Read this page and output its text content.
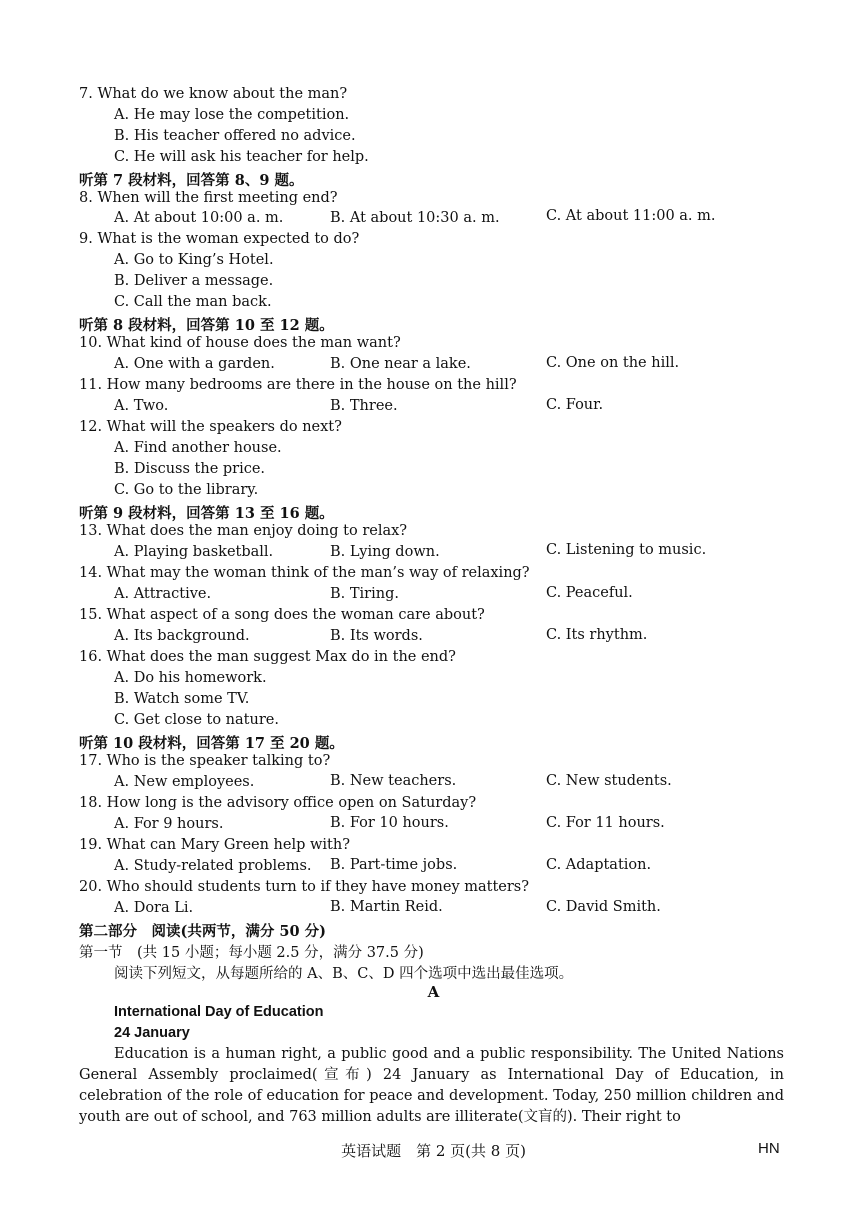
7. What do we know about the man?
A. He may lose the competition.
B. His teacher offered no advice.
C. He will ask his teacher for help.
听第 7 段材料，回答第 8、9 题。
8. When will the first meeting end?
A. At about 10:00 a. m.	B. At about 10:30 a. m.	C. At about 11:00 a. m.
9. What is the woman expected to do?
A. Go to King’s Hotel.
B. Deliver a message.
C. Call the man back.
听第 8 段材料，回答第 10 至 12 题。
10. What kind of house does the man want?
A. One with a garden.	B. One near a lake.	C. One on the hill.
11. How many bedrooms are there in the house on the hill?
A. Two.	B. Three.	C. Four.
12. What will the speakers do next?
A. Find another house.
B. Discuss the price.
C. Go to the library.
听第 9 段材料，回答第 13 至 16 题。
13. What does the man enjoy doing to relax?
A. Playing basketball.	B. Lying down.	C. Listening to music.
14. What may the woman think of the man’s way of relaxing?
A. Attractive.	B. Tiring.	C. Peaceful.
15. What aspect of a song does the woman care about?
A. Its background.	B. Its words.	C. Its rhythm.
16. What does the man suggest Max do in the end?
A. Do his homework.
B. Watch some TV.
C. Get close to nature.
听第 10 段材料，回答第 17 至 20 题。
17. Who is the speaker talking to?
A. New employees.	B. New teachers.	C. New students.
18. How long is the advisory office open on Saturday?
A. For 9 hours.	B. For 10 hours.	C. For 11 hours.
19. What can Mary Green help with?
A. Study-related problems. B. Part-time jobs.	C. Adaptation.
20. Who should students turn to if they have money matters?
A. Dora Li.	B. Martin Reid.	C. David Smith.
第二部分　阅读(共两节，满分 50 分)
第一节　(共 15 小题；每小题 2.5 分，满分 37.5 分)
阅读下列短文，从每题所给的 A、B、C、D 四个选项中选出最佳选项。
A
International Day of Education
24 January
Education is a human right, a public good and a public responsibility. The United Nations General Assembly proclaimed(宣布) 24 January as International Day of Education, in celebration of the role of education for peace and development. Today, 250 million children and youth are out of school, and 763 million adults are illiterate(文盲的). Their right to
英语试题　第 2 页(共 8 页)	HN
